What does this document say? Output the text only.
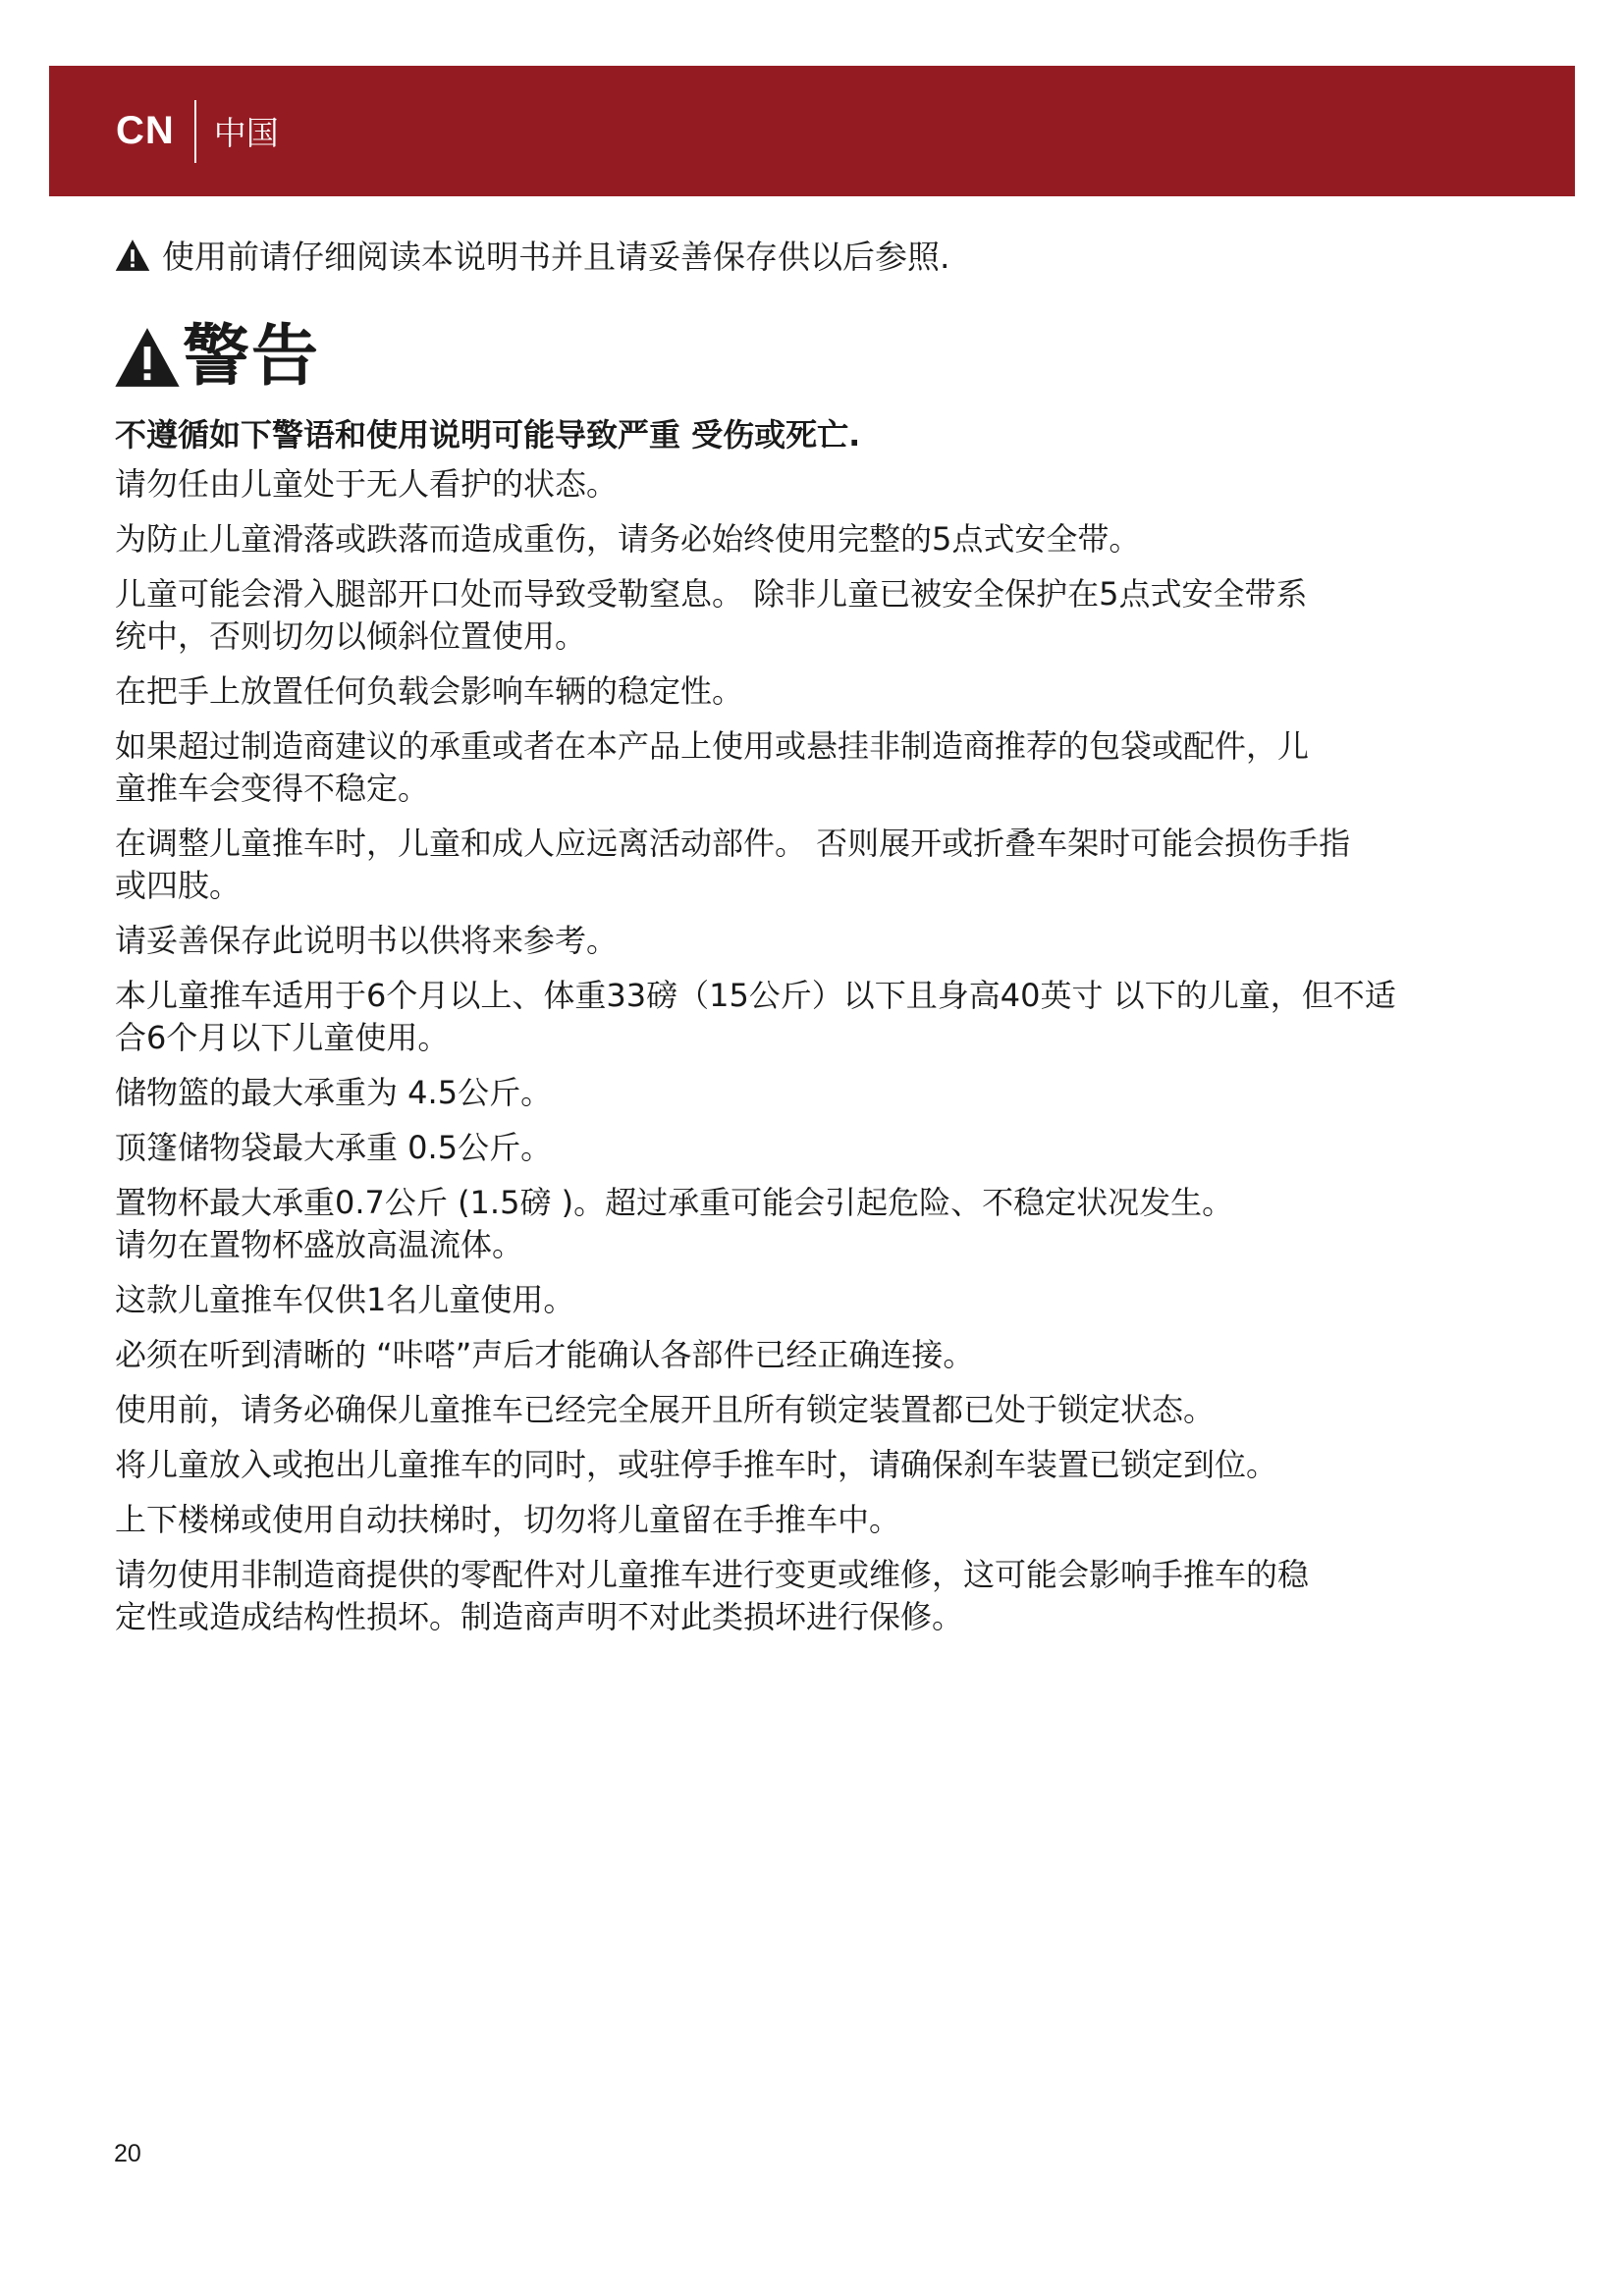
CN 中国
使用前请仔细阅读本说明书并且请妥善保存供以后参照.
警告
不遵循如下警语和使用说明可能导致严重 受伤或死亡.
请勿任由儿童处于无人看护的状态。
为防止儿童滑落或跌落而造成重伤，请务必始终使用完整的5点式安全带。
儿童可能会滑入腿部开口处而导致受勒窒息。 除非儿童已被安全保护在5点式安全带系
统中，否则切勿以倾斜位置使用。
在把手上放置任何负载会影响车辆的稳定性。
如果超过制造商建议的承重或者在本产品上使用或悬挂非制造商推荐的包袋或配件，儿
童推车会变得不稳定。
在调整儿童推车时，儿童和成人应远离活动部件。 否则展开或折叠车架时可能会损伤手指
或四肢。
请妥善保存此说明书以供将来参考。
本儿童推车适用于6个月以上、体重33磅（15公斤）以下且身高40英寸 以下的儿童，但不适
合6个月以下儿童使用。
储物篮的最大承重为 4.5公斤。
顶篷储物袋最大承重 0.5公斤。
置物杯最大承重0.7公斤 (1.5磅 )。超过承重可能会引起危险、不稳定状况发生。
请勿在置物杯盛放高温流体。
这款儿童推车仅供1名儿童使用。
必须在听到清晰的 “咔嗒”声后才能确认各部件已经正确连接。
使用前，请务必确保儿童推车已经完全展开且所有锁定装置都已处于锁定状态。
将儿童放入或抱出儿童推车的同时，或驻停手推车时，请确保刹车装置已锁定到位。
上下楼梯或使用自动扶梯时，切勿将儿童留在手推车中。
请勿使用非制造商提供的零配件对儿童推车进行变更或维修，这可能会影响手推车的稳
定性或造成结构性损坏。制造商声明不对此类损坏进行保修。
20
